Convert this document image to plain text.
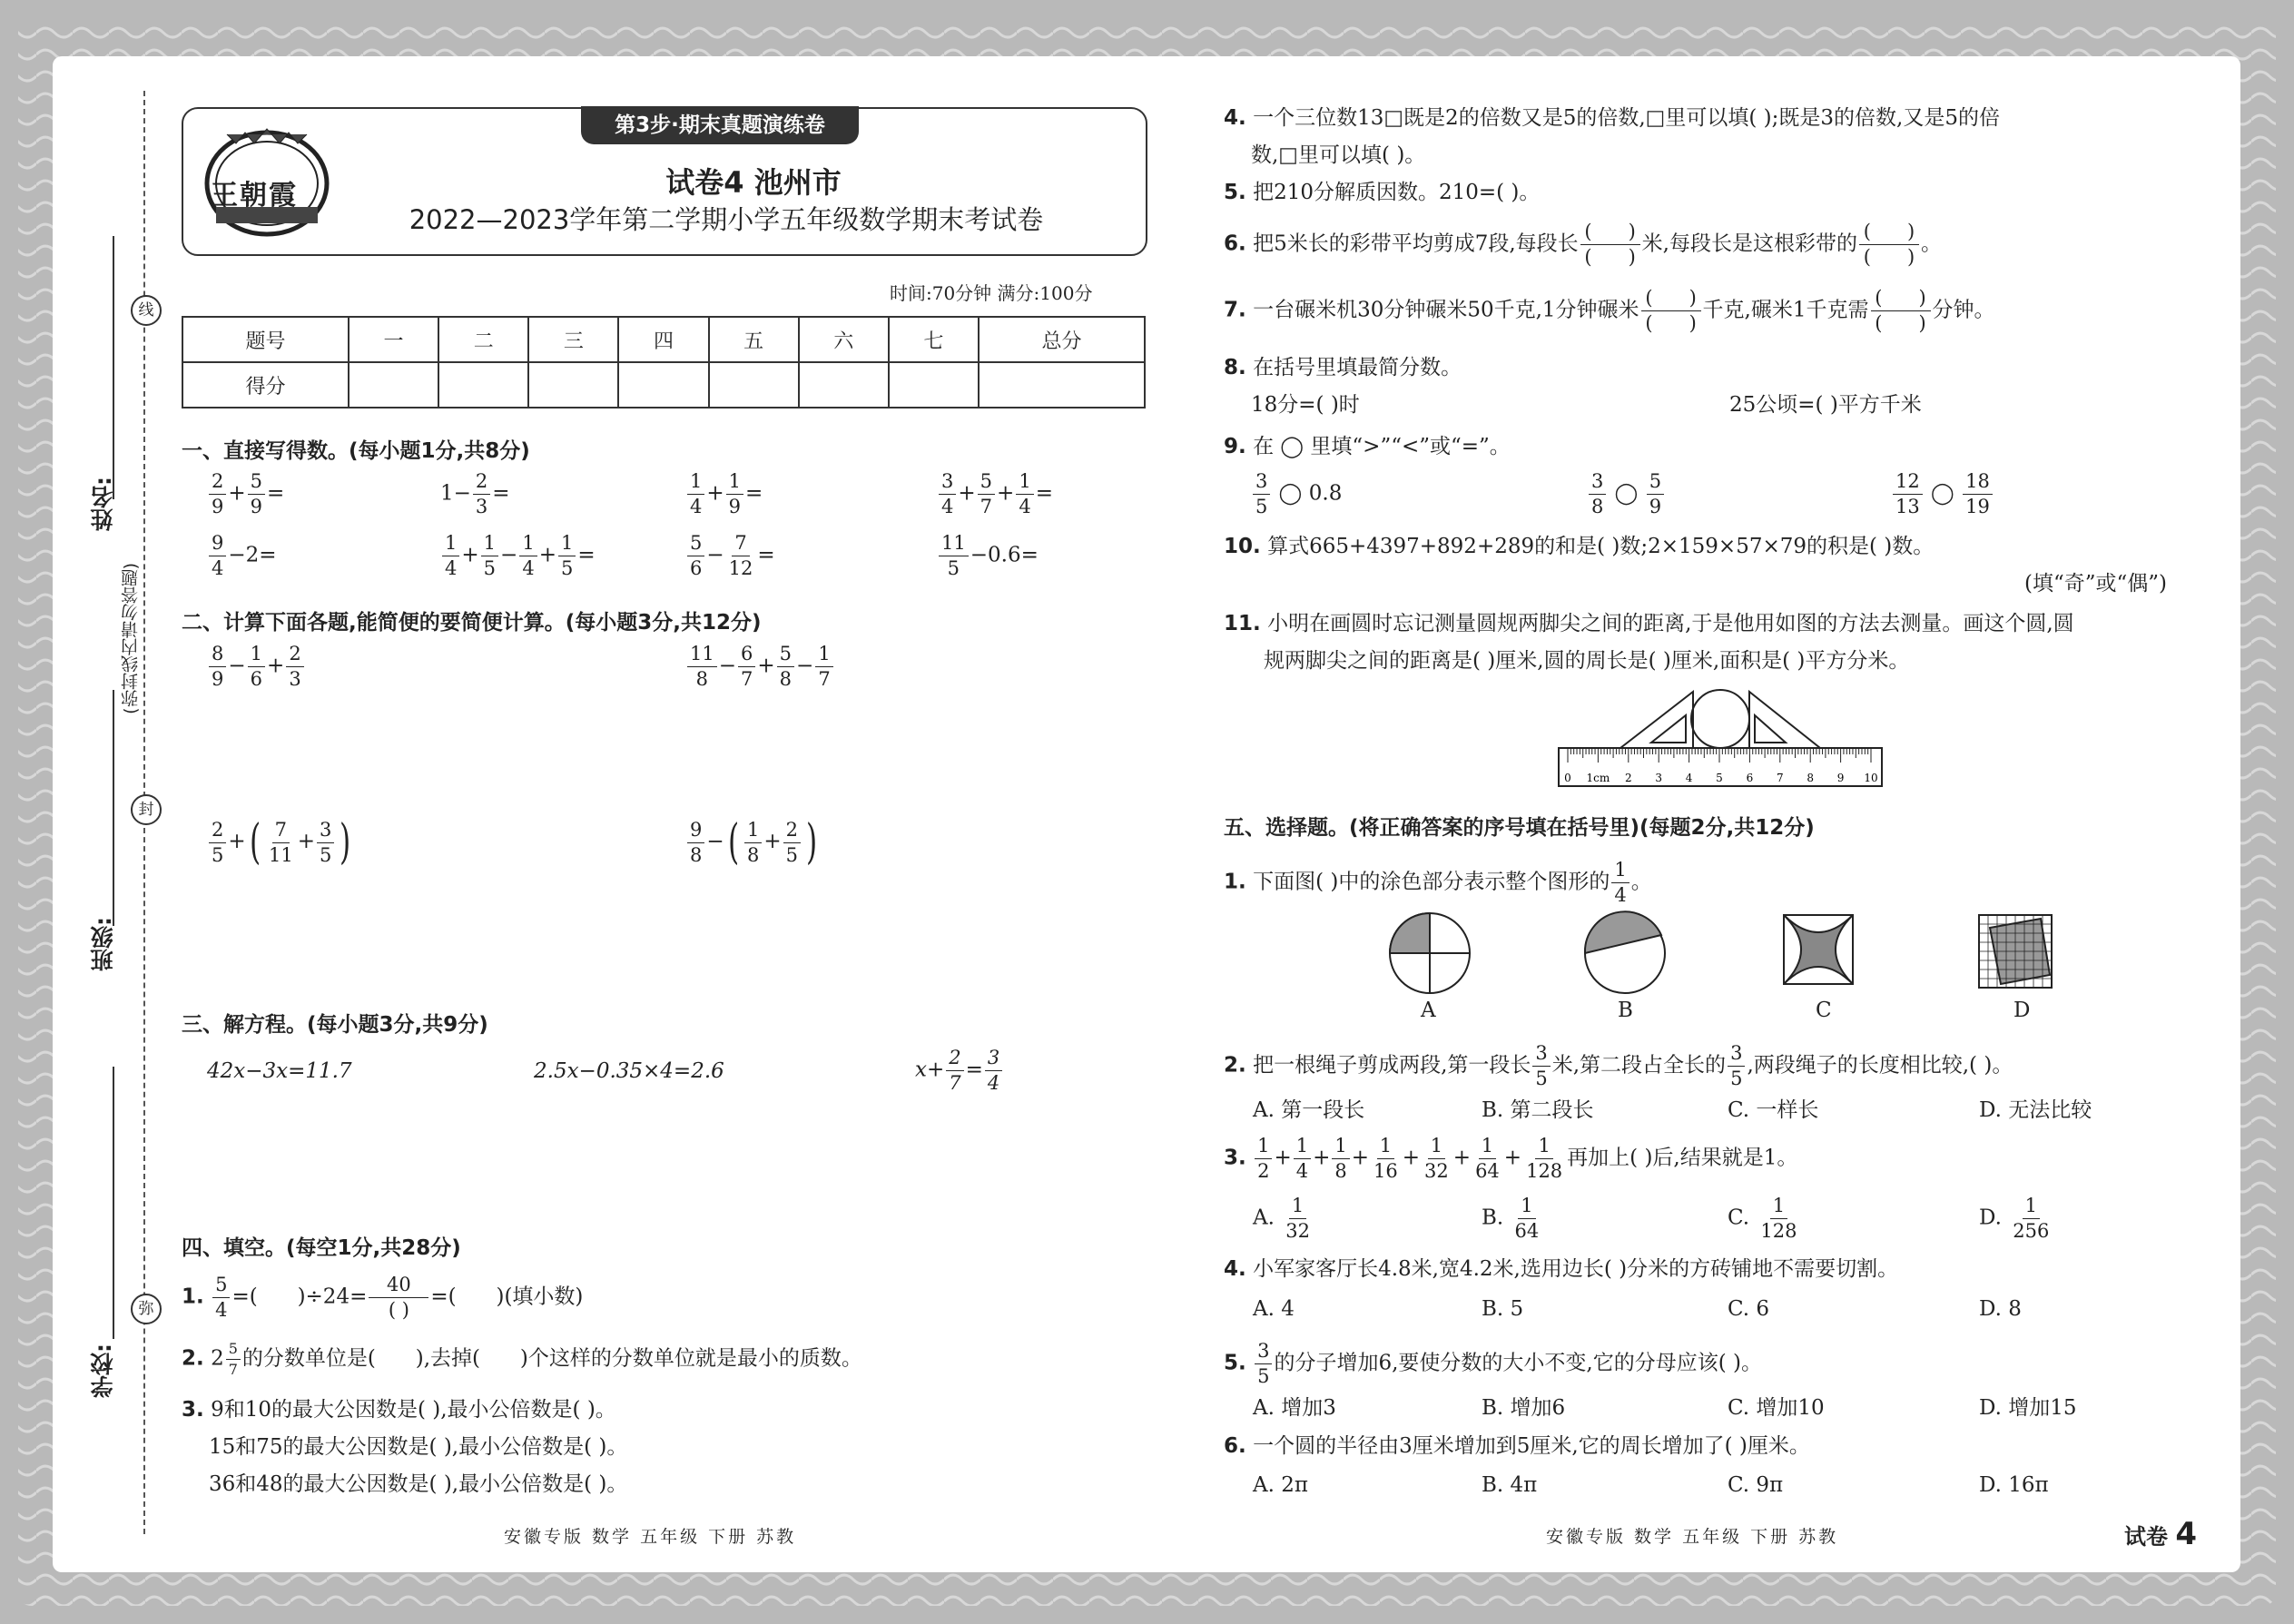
线
封
弥
(弥封线内请勿答题)
姓名:
班级:
学校:
王朝霞
第3步·期末真题演练卷
试卷4 池州市
2022—2023学年第二学期小学五年级数学期末考试卷
时间:70分钟 满分:100分
题号	一	二	三	四	五	六	七	总分
得分								
一、直接写得数。(每小题1分,共8分)
$\frac{2}{9} + \frac{5}{9}$ =	$1- \frac{2}{3}$ =	$\frac{1}{4} + \frac{1}{9}$ =	$\frac{3}{4} + \frac{5}{7} + \frac{1}{4}$ =
$\frac{9}{4} -2=$	$\frac{1}{4} + \frac{1}{5} - \frac{1}{4} + \frac{1}{5}$ =	$\frac{5}{6} - \frac{7}{12}$ =	$\frac{11}{5} -0.6=$
二、计算下面各题,能简便的要简便计算。(每小题3分,共12分)
$\frac{8}{9} - \frac{1}{6} + \frac{2}{3}$	$\frac{11}{8} - \frac{6}{7} + \frac{5}{8} - \frac{1}{7}$
$\frac{2}{5}$ +( $\frac{7}{11} + \frac{3}{5}$ )	$\frac{9}{8}$ −( $\frac{1}{8} + \frac{2}{5}$ )
三、解方程。(每小题3分,共9分)
42x−3x=11.7	2.5x−0.35×4=2.6	$x+ \frac{2}{7} = \frac{3}{4}$
四、填空。(每空1分,共28分)
1. $\frac{5}{4}$ =( )÷24=
40
( )
=( )(填小数)
2. $2 \frac{5}{7}$ 的分数单位是( ),去掉( )个这样的分数单位就是最小的质数。
3. 9和10的最大公因数是( ),最小公倍数是( )。
15和75的最大公因数是( ),最小公倍数是( )。
36和48的最大公因数是( ),最小公倍数是( )。
4. 一个三位数13□既是2的倍数又是5的倍数,□里可以填( );既是3的倍数,又是5的倍
数,□里可以填( )。
5. 把210分解质因数。210=( )。
6. 把5米长的彩带平均剪成7段,每段长
(      )
(      )
米,每段长是这根彩带的
(      )
(      )
。
7. 一台碾米机30分钟碾米50千克,1分钟碾米
(      )
(      )
千克,碾米1千克需
(      )
(      )
分钟。
8. 在括号里填最简分数。
18分=( )时	25公顷=( )平方千米
9. 在 ◯ 里填“>”“<”或“=”。
$\frac{3}{5}$ ◯ 0.8	$\frac{3}{8}$ ◯ $\frac{5}{9}$	$\frac{12}{13}$ ◯ $\frac{18}{19}$
10. 算式665+4397+892+289的和是( )数;2×159×57×79的积是( )数。
(填“奇”或“偶”)
11. 小明在画圆时忘记测量圆规两脚尖之间的距离,于是他用如图的方法去测量。画这个圆,圆
规两脚尖之间的距离是( )厘米,圆的周长是( )厘米,面积是( )平方分米。
0 1cm 2 3 4 5 6 7 8 9 10
五、选择题。(将正确答案的序号填在括号里)(每题2分,共12分)
1. 下面图( )中的涂色部分表示整个图形的 $\frac{1}{4}$ 。
A	B	C	D
2. 把一根绳子剪成两段,第一段长 $\frac{3}{5}$ 米,第二段占全长的 $\frac{3}{5}$ ,两段绳子的长度相比较,( )。
A. 第一段长	B. 第二段长	C. 一样长	D. 无法比较
3. $\frac{1}{2} + \frac{1}{4} + \frac{1}{8} + \frac{1}{16} + \frac{1}{32} + \frac{1}{64} + \frac{1}{128}$ 再加上( )后,结果就是1。
A. $\frac{1}{32}$	B. $\frac{1}{64}$	C. $\frac{1}{128}$	D. $\frac{1}{256}$
4. 小军家客厅长4.8米,宽4.2米,选用边长( )分米的方砖铺地不需要切割。
A. 4	B. 5	C. 6	D. 8
5. $\frac{3}{5}$ 的分子增加6,要使分数的大小不变,它的分母应该( )。
A. 增加3	B. 增加6	C. 增加10	D. 增加15
6. 一个圆的半径由3厘米增加到5厘米,它的周长增加了( )厘米。
A. 2π	B. 4π	C. 9π	D. 16π
安徽专版 数学 五年级 下册 苏教	安徽专版 数学 五年级 下册 苏教	试卷 4
